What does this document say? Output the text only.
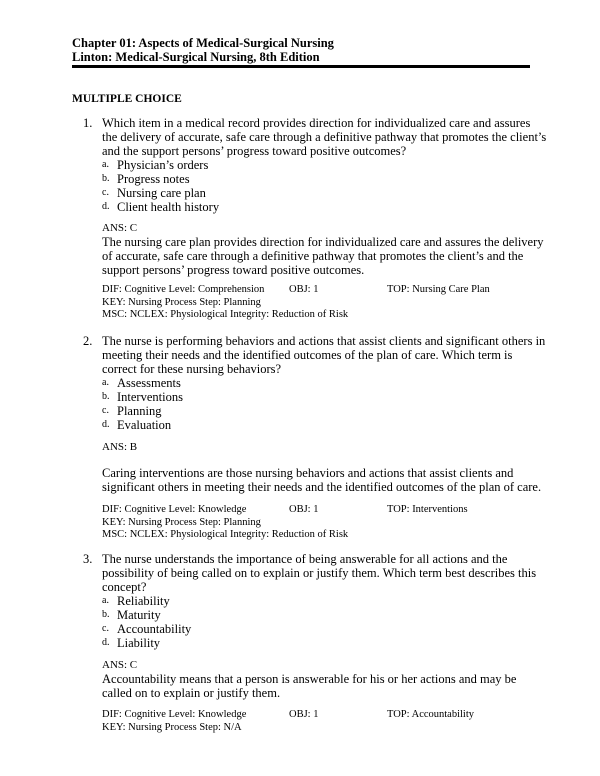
Chapter 01: Aspects of Medical-Surgical Nursing
Linton: Medical-Surgical Nursing, 8th Edition
MULTIPLE CHOICE
1. Which item in a medical record provides direction for individualized care and assures the delivery of accurate, safe care through a definitive pathway that promotes the client’s and the support persons’ progress toward positive outcomes?
a. Physician’s orders
b. Progress notes
c. Nursing care plan
d. Client health history
ANS: C
The nursing care plan provides direction for individualized care and assures the delivery of accurate, safe care through a definitive pathway that promotes the client’s and the support persons’ progress toward positive outcomes.
DIF: Cognitive Level: Comprehension	OBJ: 1	TOP: Nursing Care Plan
KEY: Nursing Process Step: Planning
MSC: NCLEX: Physiological Integrity: Reduction of Risk
2. The nurse is performing behaviors and actions that assist clients and significant others in meeting their needs and the identified outcomes of the plan of care. Which term is correct for these nursing behaviors?
a. Assessments
b. Interventions
c. Planning
d. Evaluation
ANS: B
Caring interventions are those nursing behaviors and actions that assist clients and significant others in meeting their needs and the identified outcomes of the plan of care.
DIF: Cognitive Level: Knowledge	OBJ: 1	TOP: Interventions
KEY: Nursing Process Step: Planning
MSC: NCLEX: Physiological Integrity: Reduction of Risk
3. The nurse understands the importance of being answerable for all actions and the possibility of being called on to explain or justify them. Which term best describes this concept?
a. Reliability
b. Maturity
c. Accountability
d. Liability
ANS: C
Accountability means that a person is answerable for his or her actions and may be called on to explain or justify them.
DIF: Cognitive Level: Knowledge	OBJ: 1	TOP: Accountability
KEY: Nursing Process Step: N/A
